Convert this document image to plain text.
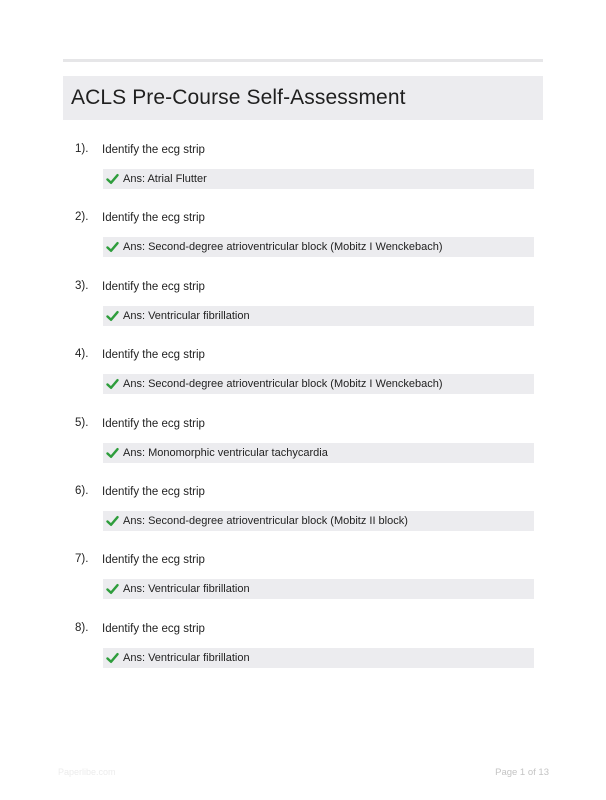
ACLS Pre-Course Self-Assessment
1). Identify the ecg strip
Ans: Atrial Flutter
2). Identify the ecg strip
Ans: Second-degree atrioventricular block (Mobitz I Wenckebach)
3). Identify the ecg strip
Ans: Ventricular fibrillation
4). Identify the ecg strip
Ans: Second-degree atrioventricular block (Mobitz I Wenckebach)
5). Identify the ecg strip
Ans: Monomorphic ventricular tachycardia
6). Identify the ecg strip
Ans: Second-degree atrioventricular block (Mobitz II block)
7). Identify the ecg strip
Ans: Ventricular fibrillation
8). Identify the ecg strip
Ans: Ventricular fibrillation
Paperlibe.com	Page 1 of 13
